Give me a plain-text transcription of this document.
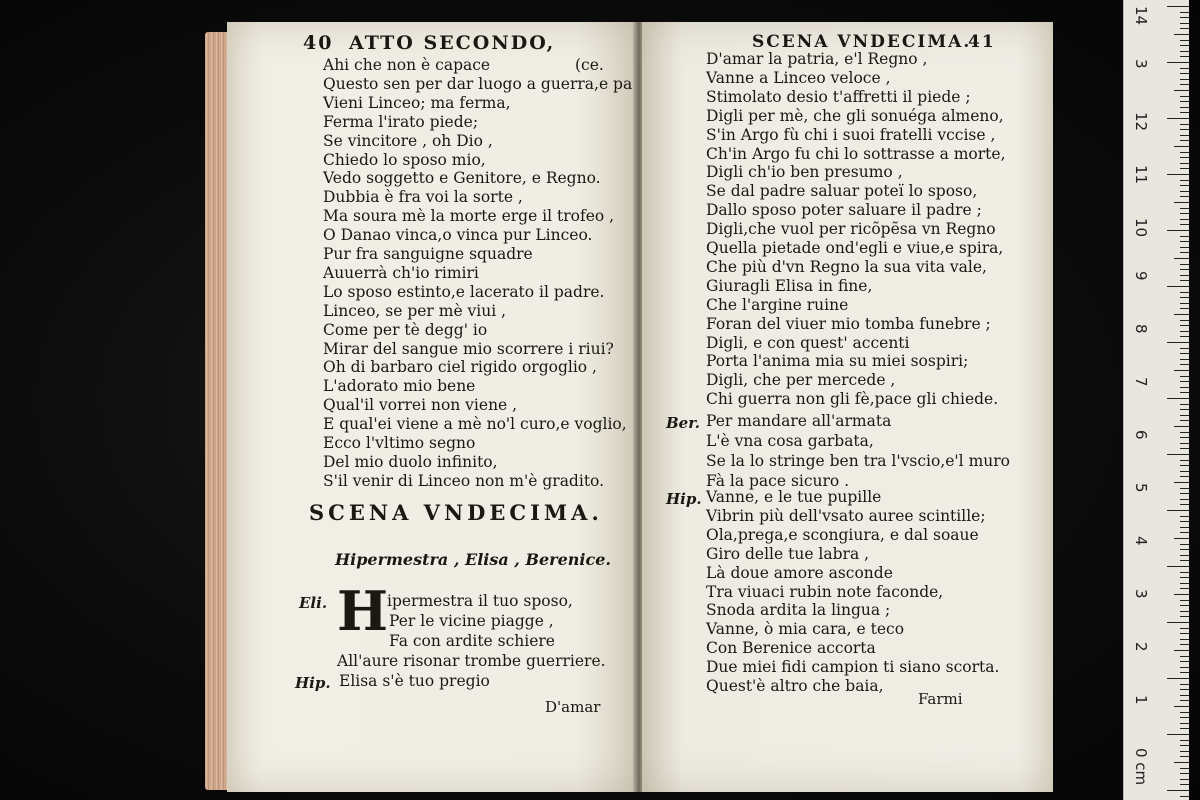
40 ATTO SECONDO,
(ce.
Ahi che non è capace
Questo sen per dar luogo a guerra,e pa
Vieni Linceo; ma ferma,
Ferma l'irato piede;
Se vincitore , oh Dio ,
Chiedo lo sposo mio,
Vedo soggetto e Genitore, e Regno.
Dubbia è fra voi la sorte ,
Ma soura mè la morte erge il trofeo ,
O Danao vinca,o vinca pur Linceo.
Pur fra sanguigne squadre
Auuerrà ch'io rimiri
Lo sposo estinto,e lacerato il padre.
Linceo, se per mè viui ,
Come per tè degg' io
Mirar del sangue mio scorrere i riui?
Oh di barbaro ciel rigido orgoglio ,
L'adorato mio bene
Qual'il vorrei non viene ,
E qual'ei viene a mè no'l curo,e voglio,
Ecco l'vltimo segno
Del mio duolo infinito,
S'il venir di Linceo non m'è gradito.
SCENA VNDECIMA.
Hipermestra , Elisa , Berenice.
Eli. H
ipermestra il tuo sposo,
Per le vicine piagge ,
Fa con ardite schiere
All'aure risonar trombe guerriere.
Hip. Elisa s'è tuo pregio
D'amar
SCENA VNDECIMA.
41
D'amar la patria, e'l Regno ,
Vanne a Linceo veloce ,
Stimolato desio t'affretti il piede ;
Digli per mè, che gli sonuéga almeno,
S'in Argo fù chi i suoi fratelli vccise ,
Ch'in Argo fu chi lo sottrasse a morte,
Digli ch'io ben presumo ,
Se dal padre saluar poteï lo sposo,
Dallo sposo poter saluare il padre ;
Digli,che vuol per ricõpẽsa vn Regno
Quella pietade ond'egli e viue,e spira,
Che più d'vn Regno la sua vita vale,
Giuragli Elisa in fine,
Che l'argine ruine
Foran del viuer mio tomba funebre ;
Digli, e con quest' accenti
Porta l'anima mia su miei sospiri;
Digli, che per mercede ,
Chi guerra non gli fè,pace gli chiede.
Ber. Per mandare all'armata
L'è vna cosa garbata,
Se la lo stringe ben tra l'vscio,e'l muro
Fà la pace sicuro .
Hip. Vanne, e le tue pupille
Vibrin più dell'vsato auree scintille;
Ola,prega,e scongiura, e dal soaue
Giro delle tue labra ,
Là doue amore asconde
Tra viuaci rubin note faconde,
Snoda ardita la lingua ;
Vanne, ò mia cara, e teco
Con Berenice accorta
Due miei fidi campion ti siano scorta.
Quest'è altro che baia,
Farmi
14
3
12
11
10
9
8
7
6
5
4
3
2
1
0 cm
